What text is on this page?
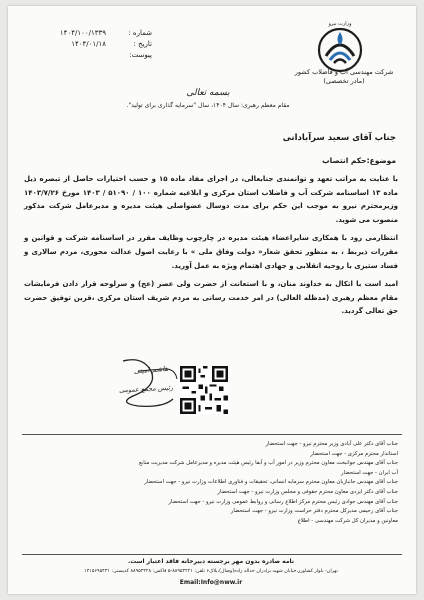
شماره :
۱۴۰۴/۱۰۰/۱۳۳۹
تاریخ :
۱۴۰۴/۰۱/۱۸
پیوست:
وزارت نیرو
شرکت مهندسی آب و فاضلاب کشور
(مادر تخصصی)
بسمه تعالی
مقام معظم رهبری: سال ۱۴۰۴، سال "سرمایه گذاری برای تولید".
جناب آقای سعید سرآبادانی
موضوع:حکم انتصاب

با عنایت به مراتب تعهد و توانمندی جنابعالی، در اجرای مفاد ماده ۱۵ و حسب اختیارات حاصل از تبصره ذیل ماده ۱۳ اساسنامه شرکت آب و فاضلاب استان مرکزی و ابلاغیه شماره ۱۰۰ / ۵۱۰۹۰ / ۱۴۰۳ مورخ ۱۴۰۳/۷/۲۶ وزیرمحترم نیرو به موجب این حکم برای مدت دوسال عضواصلی هیئت مدیره و مدیرعامل شرکت مذکور منصوب می شوید.

انتظارمی رود با همکاری سایراعضاء هیئت مدیره در چارچوب وظایف مقرر در اساسنامه شرکت و قوانین و مقررات ذیربط ، به منظور تحقق شعار« دولت وفاق ملی » با رعایت اصول عدالت محوری، مردم سالاری و فساد ستیزی با روحیه انقلابی و جهادی اهتمام ویژه به عمل آورید.

امید است با اتکال به خداوند منان، و با استعانت از حضرت ولی عصر (عج) و سرلوحه قرار دادن فرمایشات مقام معظم رهبری (مدظله العالی) در امر خدمت رسانی به مردم شریف استان مرکزی ،قرین توفیق حضرت حق تعالی گردید.

هاشم امینی
رئیس مجمع عمومی
جناب آقای دکتر علی آبادی وزیر محترم نیرو - جهت استحضار
استاندار محترم مرکزی - جهت استحضار
جناب آقای مهندس جوانبخت معاون محترم وزیر در امور آب و آبفا رئیس هیئت مدیره و مدیرعامل شرکت مدیریت منابع
آب ایران - جهت استحضار
جناب آقای مهندس جانبازیان معاون محترم سرمایه انسانی، تحقیقات و فناوری اطلاعات وزارت نیرو - جهت استحضار
جناب آقای دکتر ایزدی معاون محترم حقوقی و مجلس وزارت نیرو - جهت استحضار
جناب آقای مهندس جوادی رئیس محترم مرکز اطلاع رسانی و روابط عمومی وزارت نیرو - جهت استحضار
جناب آقای رحیمی مدیرکل محترم دفتر حراست وزارت نیرو - جهت استحضار
معاونین و مدیران کل شرکت مهندسی - اطلاع
نامه صادره بدون مهر برجسته دبیرخانه فاقد اعتبار است.
تهران- بلوار کشاورز،خیابان شهید برادران حداله زاده(وصال)،پلاک۶ تلفن: ۸۸۹۵۳۲۲۱-۵ فاکس: ۸۸۹۵۳۲۲۸ کدپستی: ۱۴۱۵۶۹۵۴۳۱
Email:Info@nww.ir
